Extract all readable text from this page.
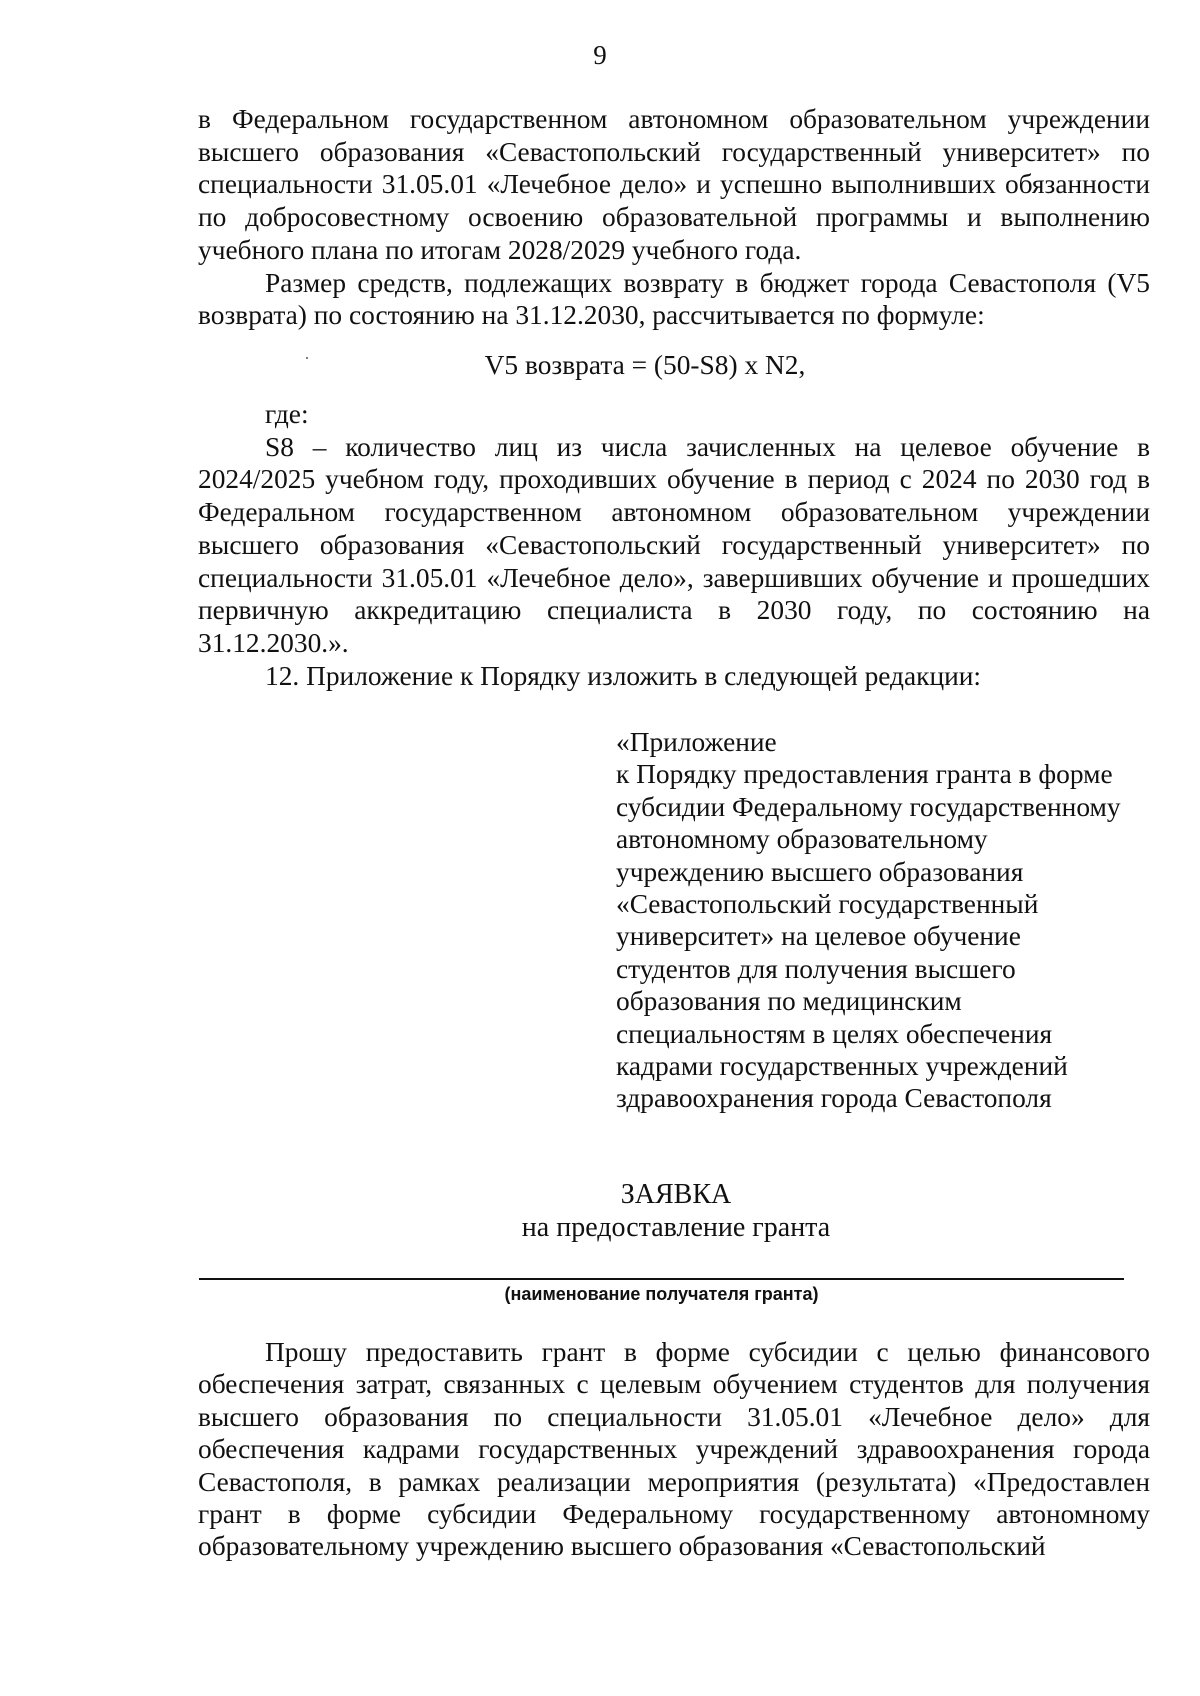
9

в Федеральном государственном автономном образовательном учреждении высшего образования «Севастопольский государственный университет» по специальности 31.05.01 «Лечебное дело» и успешно выполнивших обязанности по добросовестному освоению образовательной программы и выполнению учебного плана по итогам 2028/2029 учебного года.

Размер средств, подлежащих возврату в бюджет города Севастополя (V5 возврата) по состоянию на 31.12.2030, рассчитывается по формуле:

V5 возврата = (50-S8) x N2,

где:

S8 – количество лиц из числа зачисленных на целевое обучение в 2024/2025 учебном году, проходивших обучение в период с 2024 по 2030 год в Федеральном государственном автономном образовательном учреждении высшего образования «Севастопольский государственный университет» по специальности 31.05.01 «Лечебное дело», завершивших обучение и прошедших первичную аккредитацию специалиста в 2030 году, по состоянию на 31.12.2030.».

12. Приложение к Порядку изложить в следующей редакции:

«Приложение

к Порядку предоставления гранта в форме

субсидии Федеральному государственному

автономному образовательному

учреждению высшего образования

«Севастопольский государственный

университет» на целевое обучение

студентов для получения высшего

образования по медицинским

специальностям в целях обеспечения

кадрами государственных учреждений

здравоохранения города Севастополя

ЗАЯВКА

на предоставление гранта

(наименование получателя гранта)

Прошу предоставить грант в форме субсидии с целью финансового обеспечения затрат, связанных с целевым обучением студентов для получения высшего образования по специальности 31.05.01 «Лечебное дело» для обеспечения кадрами государственных учреждений здравоохранения города Севастополя, в рамках реализации мероприятия (результата) «Предоставлен грант в форме субсидии Федеральному государственному автономному образовательному учреждению высшего образования «Севастопольский
